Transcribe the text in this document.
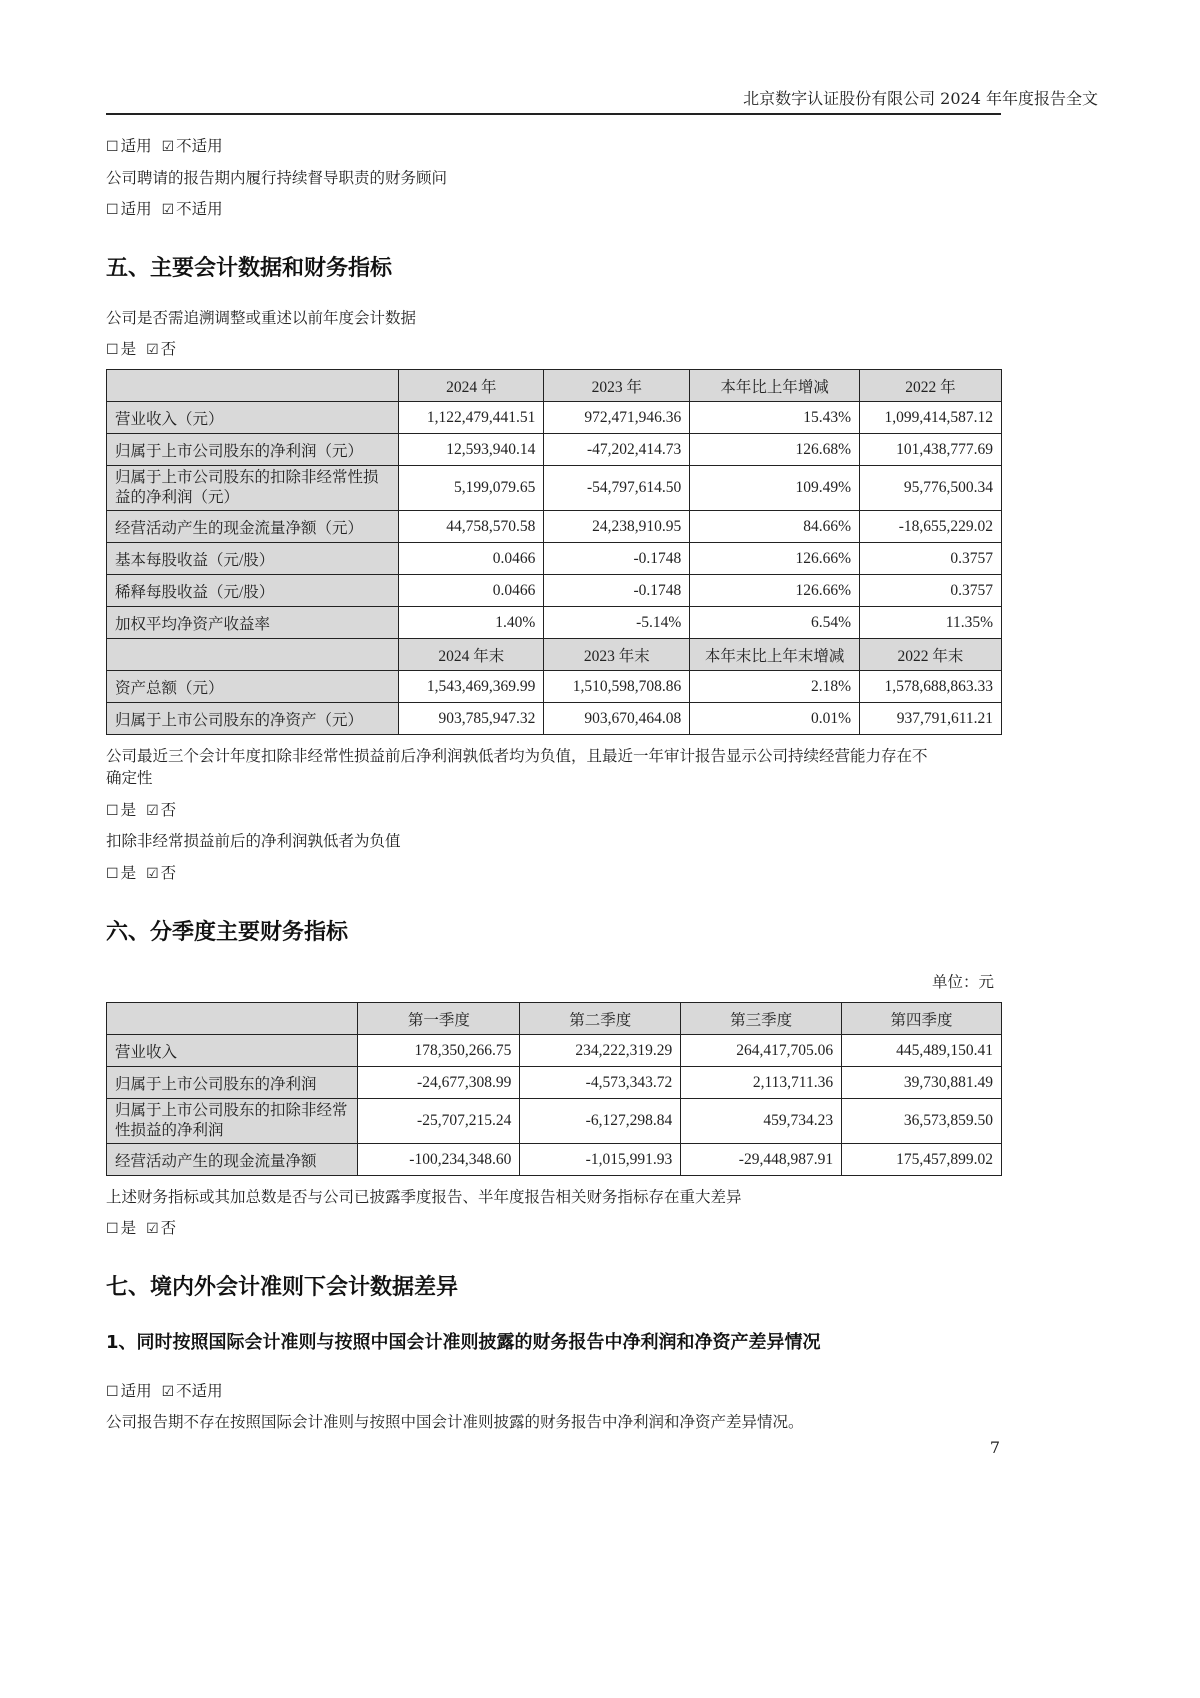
北京数字认证股份有限公司 2024 年年度报告全文
☐ 适用 ☑ 不适用
公司聘请的报告期内履行持续督导职责的财务顾问
☐ 适用 ☑ 不适用
五、主要会计数据和财务指标
公司是否需追溯调整或重述以前年度会计数据
☐ 是 ☑ 否
	2024 年	2023 年	本年比上年增减	2022 年
营业收入（元）	1,122,479,441.51	972,471,946.36	15.43%	1,099,414,587.12
归属于上市公司股东的净利润（元）	12,593,940.14	-47,202,414.73	126.68%	101,438,777.69
归属于上市公司股东的扣除非经常性损益的净利润（元）	5,199,079.65	-54,797,614.50	109.49%	95,776,500.34
经营活动产生的现金流量净额（元）	44,758,570.58	24,238,910.95	84.66%	-18,655,229.02
基本每股收益（元/股）	0.0466	-0.1748	126.66%	0.3757
稀释每股收益（元/股）	0.0466	-0.1748	126.66%	0.3757
加权平均净资产收益率	1.40%	-5.14%	6.54%	11.35%
	2024 年末	2023 年末	本年末比上年末增减	2022 年末
资产总额（元）	1,543,469,369.99	1,510,598,708.86	2.18%	1,578,688,863.33
归属于上市公司股东的净资产（元）	903,785,947.32	903,670,464.08	0.01%	937,791,611.21
公司最近三个会计年度扣除非经常性损益前后净利润孰低者均为负值，且最近一年审计报告显示公司持续经营能力存在不
确定性
☐ 是 ☑ 否
扣除非经常损益前后的净利润孰低者为负值
☐ 是 ☑ 否
六、分季度主要财务指标
单位：元
	第一季度	第二季度	第三季度	第四季度
营业收入	178,350,266.75	234,222,319.29	264,417,705.06	445,489,150.41
归属于上市公司股东的净利润	-24,677,308.99	-4,573,343.72	2,113,711.36	39,730,881.49
归属于上市公司股东的扣除非经常性损益的净利润	-25,707,215.24	-6,127,298.84	459,734.23	36,573,859.50
经营活动产生的现金流量净额	-100,234,348.60	-1,015,991.93	-29,448,987.91	175,457,899.02
上述财务指标或其加总数是否与公司已披露季度报告、半年度报告相关财务指标存在重大差异
☐ 是 ☑ 否
七、境内外会计准则下会计数据差异
1、同时按照国际会计准则与按照中国会计准则披露的财务报告中净利润和净资产差异情况
☐ 适用 ☑ 不适用
公司报告期不存在按照国际会计准则与按照中国会计准则披露的财务报告中净利润和净资产差异情况。
7
